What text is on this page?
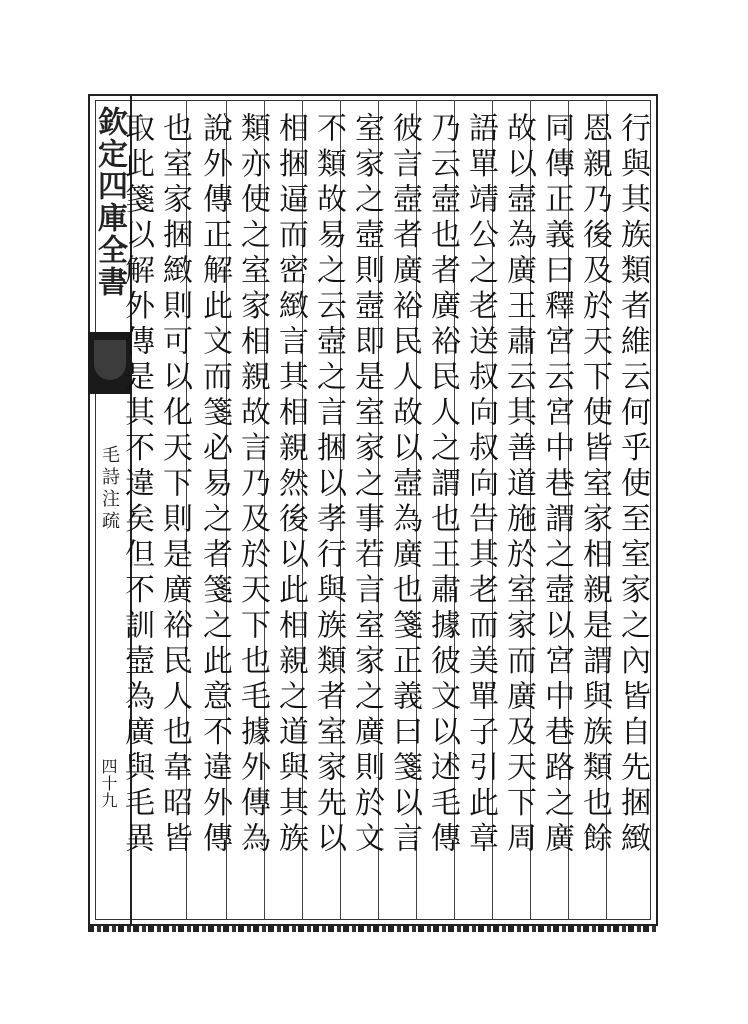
欽定四庫全書
毛詩注疏
四十九	行與其族類者維云何乎使至室家之內皆自先捆緻
恩親乃後及於天下使皆室家相親是謂與族類也餘
同傳正義曰釋宮云宮中巷謂之壼以宮中巷路之廣
故以壼為廣王肅云其善道施於室家而廣及天下周
語單靖公之老送叔向叔向告其老而美單子引此章
乃云壼也者廣裕民人之謂也王肅據彼文以述毛傳
彼言壼者廣裕民人故以壼為廣也箋正義曰箋以言
室家之壼則壼即是室家之事若言室家之廣則於文
不類故易之云壼之言捆以孝行與族類者室家先以
相捆逼而密緻言其相親然後以此相親之道與其族
類亦使之室家相親故言乃及於天下也毛據外傳為
說外傳正解此文而箋必易之者箋之此意不違外傳
也室家捆緻則可以化天下則是廣裕民人也韋昭皆
取此箋以解外傳是其不違矣但不訓壼為廣與毛異
